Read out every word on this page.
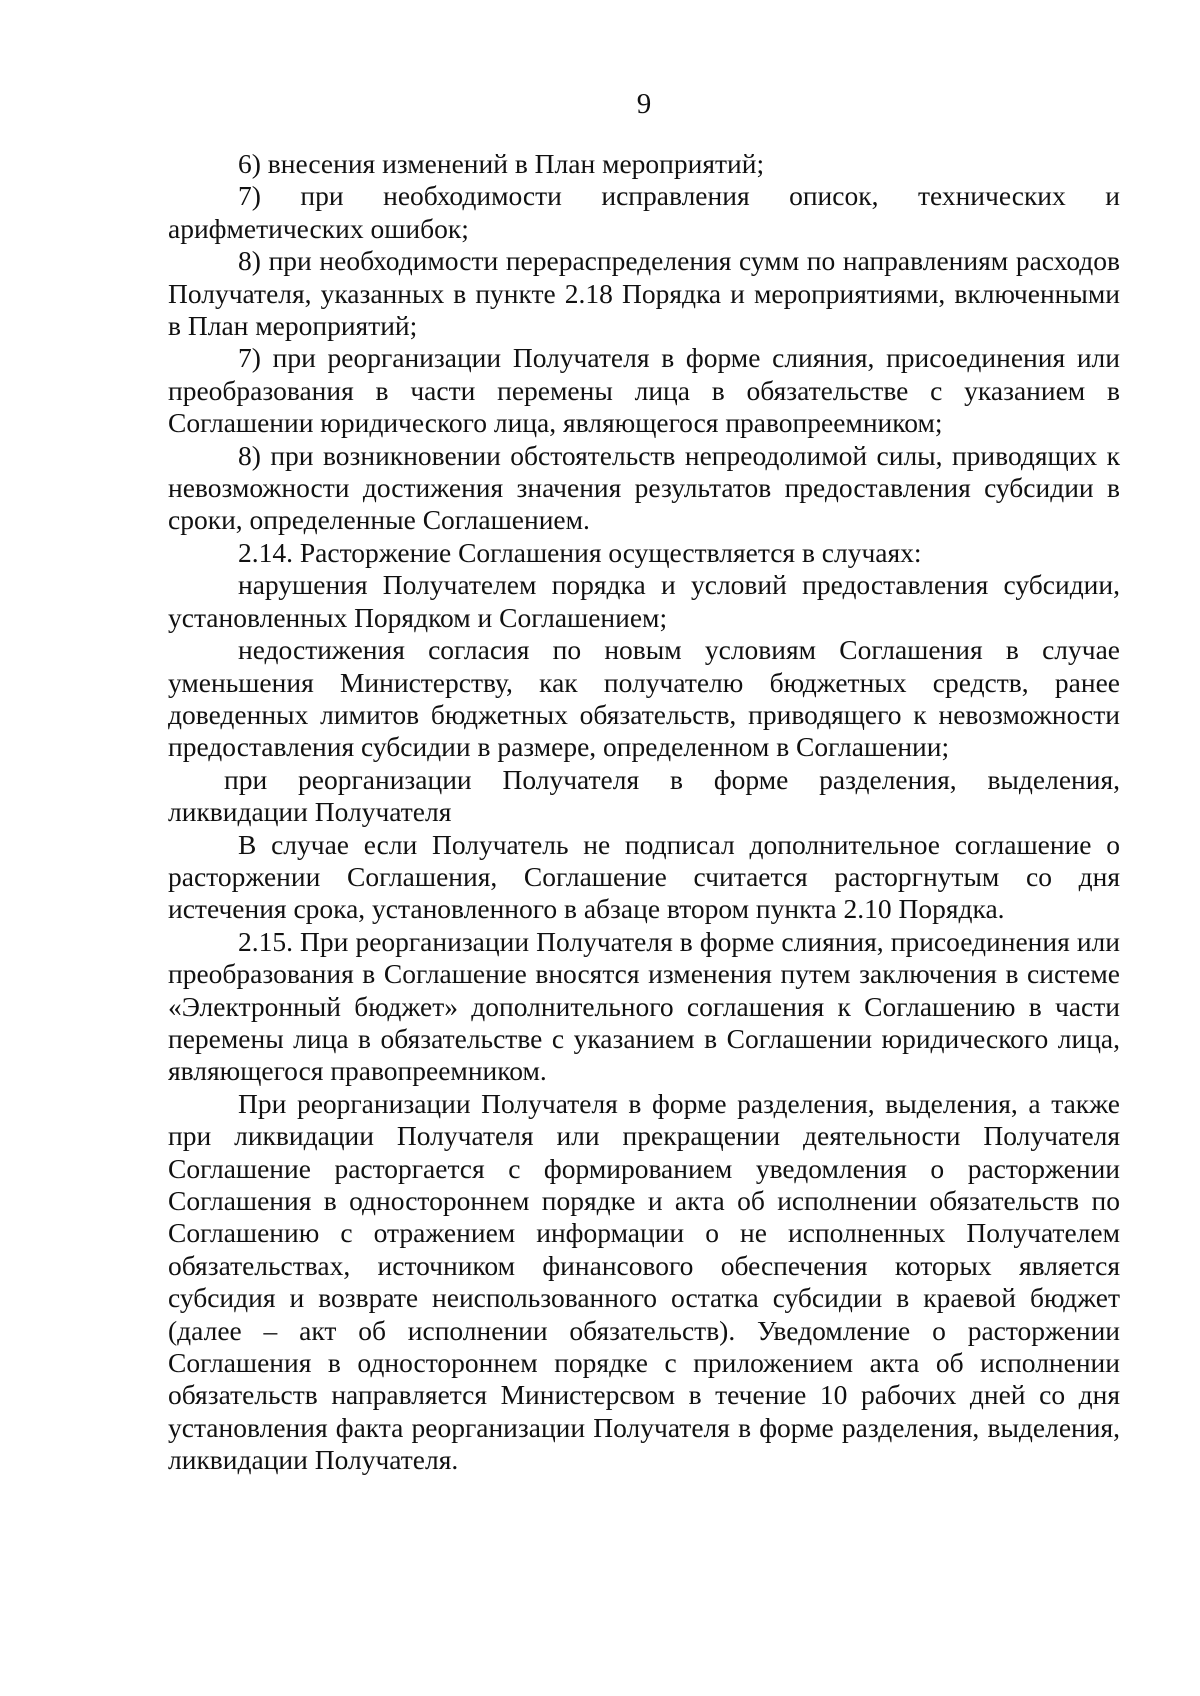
9

6) внесения изменений в План мероприятий;

7) при необходимости исправления описок, технических и арифметических ошибок;

8) при необходимости перераспределения сумм по направлениям расходов Получателя, указанных в пункте 2.18 Порядка и мероприятиями, включенными в План мероприятий;

7) при реорганизации Получателя в форме слияния, присоединения или преобразования в части перемены лица в обязательстве с указанием в Соглашении юридического лица, являющегося правопреемником;

8) при возникновении обстоятельств непреодолимой силы, приводящих к невозможности достижения значения результатов предоставления субсидии в сроки, определенные Соглашением.

2.14. Расторжение Соглашения осуществляется в случаях:

нарушения Получателем порядка и условий предоставления субсидии, установленных Порядком и Соглашением;

недостижения согласия по новым условиям Соглашения в случае уменьшения Министерству, как получателю бюджетных средств, ранее доведенных лимитов бюджетных обязательств, приводящего к невозможности предоставления субсидии в размере, определенном в Соглашении;

при реорганизации Получателя в форме разделения, выделения, ликвидации Получателя

В случае если Получатель не подписал дополнительное соглашение о расторжении Соглашения, Соглашение считается расторгнутым со дня истечения срока, установленного в абзаце втором пункта 2.10 Порядка.

2.15. При реорганизации Получателя в форме слияния, присоединения или преобразования в Соглашение вносятся изменения путем заключения в системе «Электронный бюджет» дополнительного соглашения к Соглашению в части перемены лица в обязательстве с указанием в Соглашении юридического лица, являющегося правопреемником.

При реорганизации Получателя в форме разделения, выделения, а также при ликвидации Получателя или прекращении деятельности Получателя Соглашение расторгается с формированием уведомления о расторжении Соглашения в одностороннем порядке и акта об исполнении обязательств по Соглашению с отражением информации о не исполненных Получателем обязательствах, источником финансового обеспечения которых является субсидия и возврате неиспользованного остатка субсидии в краевой бюджет (далее – акт об исполнении обязательств). Уведомление о расторжении Соглашения в одностороннем порядке с приложением акта об исполнении обязательств направляется Министерсвом в течение 10 рабочих дней со дня установления факта реорганизации Получателя в форме разделения, выделения, ликвидации Получателя.
